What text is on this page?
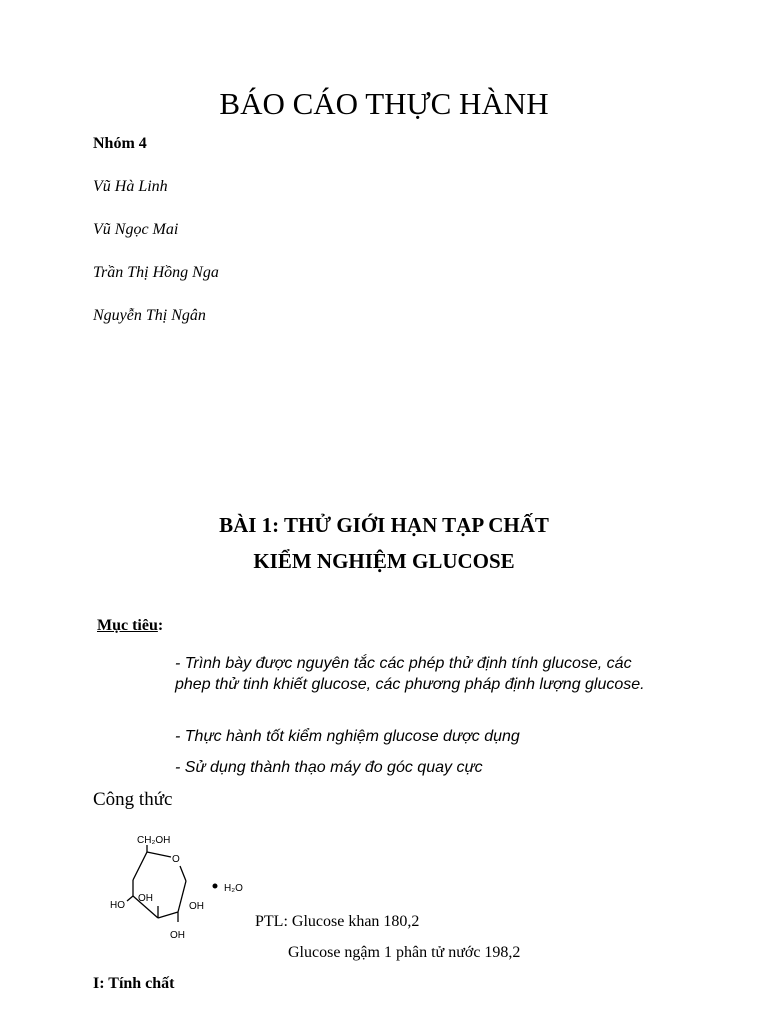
BÁO CÁO THỰC HÀNH
Nhóm 4
Vũ Hà Linh
Vũ Ngọc Mai
Trần Thị Hồng Nga
Nguyễn Thị Ngân
BÀI 1: THỬ GIỚI HẠN TẠP CHẤT
KIỂM NGHIỆM GLUCOSE
Mục tiêu:
- Trình bày được nguyên tắc các phép thử định tính glucose, các phep thử tinh khiết glucose, các phương pháp định lượng glucose.
- Thực hành tốt kiểm nghiệm glucose dược dụng
- Sử dụng thành thạo máy đo góc quay cực
Công thức
CH₂OH
O
HO
OH
OH
OH
H₂O
PTL: Glucose khan 180,2
Glucose ngậm 1 phân tử nước 198,2
I: Tính chất
